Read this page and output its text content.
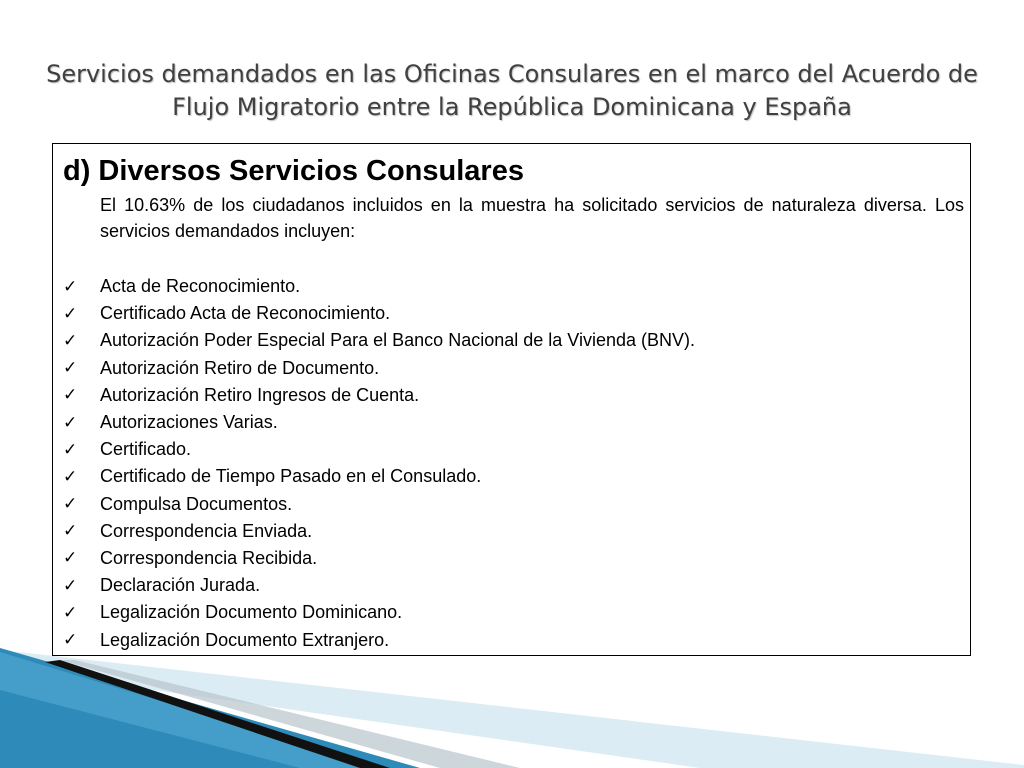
Servicios demandados en las Oficinas Consulares en el marco del Acuerdo de Flujo Migratorio entre la República Dominicana y España
d) Diversos Servicios Consulares

El 10.63% de los ciudadanos incluidos en la muestra ha solicitado servicios de naturaleza diversa. Los servicios demandados incluyen:

✓	Acta de Reconocimiento.
✓	Certificado Acta de Reconocimiento.
✓	Autorización Poder Especial Para el Banco Nacional de la Vivienda (BNV).
✓	Autorización Retiro de Documento.
✓	Autorización Retiro Ingresos de Cuenta.
✓	Autorizaciones Varias.
✓	Certificado.
✓	Certificado de Tiempo Pasado en el Consulado.
✓	Compulsa Documentos.
✓	Correspondencia Enviada.
✓	Correspondencia Recibida.
✓	Declaración Jurada.
✓	Legalización Documento Dominicano.
✓	Legalización Documento Extranjero.
